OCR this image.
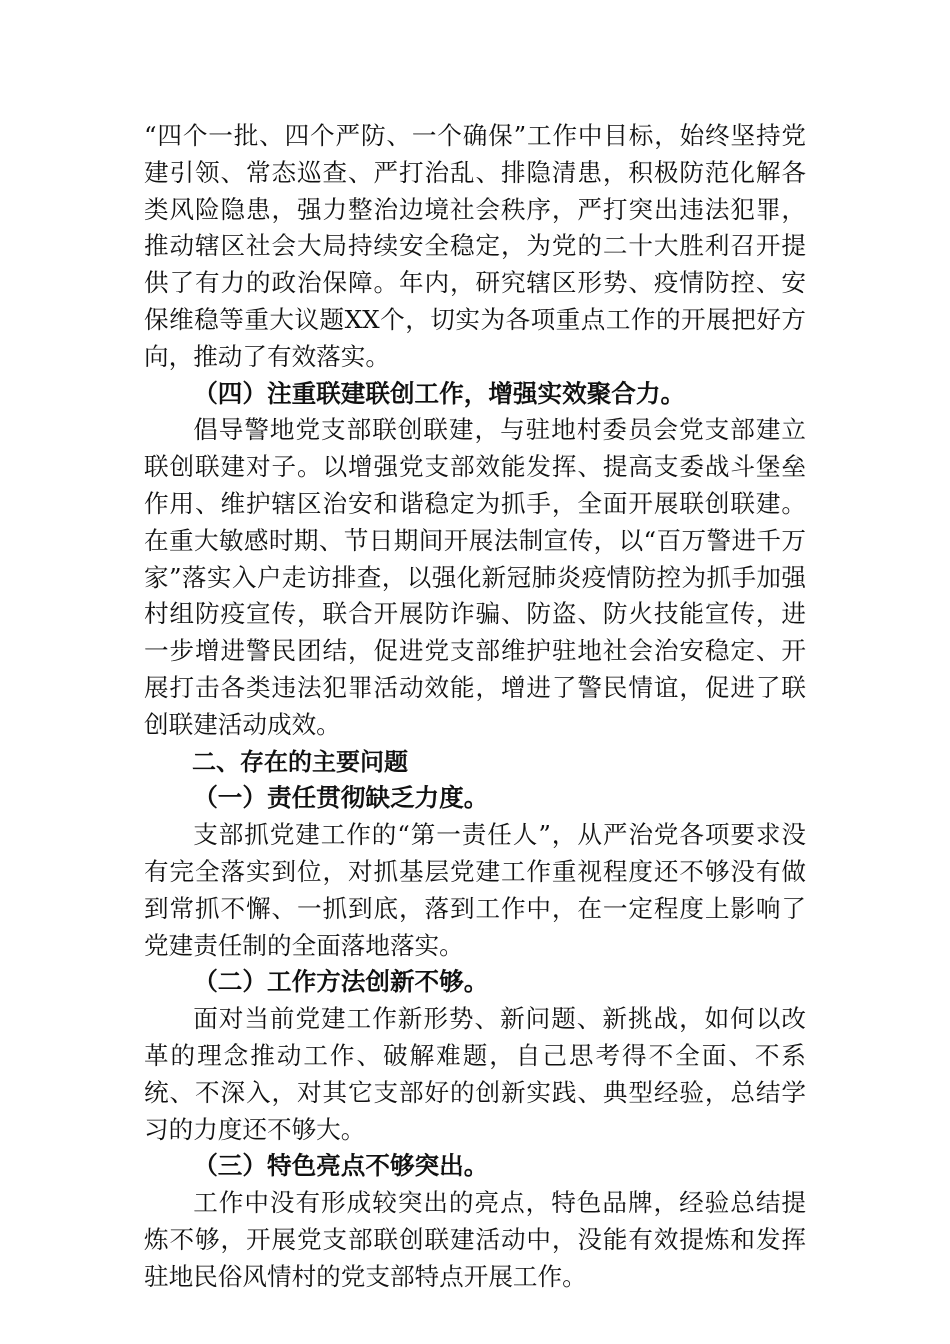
“四个一批、四个严防、一个确保”工作中目标，始终坚持党建引领、常态巡查、严打治乱、排隐清患，积极防范化解各类风险隐患，强力整治边境社会秩序，严打突出违法犯罪，推动辖区社会大局持续安全稳定，为党的二十大胜利召开提供了有力的政治保障。年内，研究辖区形势、疫情防控、安保维稳等重大议题XX个，切实为各项重点工作的开展把好方向，推动了有效落实。

（四）注重联建联创工作，增强实效聚合力。

倡导警地党支部联创联建，与驻地村委员会党支部建立联创联建对子。以增强党支部效能发挥、提高支委战斗堡垒作用、维护辖区治安和谐稳定为抓手，全面开展联创联建。在重大敏感时期、节日期间开展法制宣传，以“百万警进千万家”落实入户走访排查，以强化新冠肺炎疫情防控为抓手加强村组防疫宣传，联合开展防诈骗、防盗、防火技能宣传，进一步增进警民团结，促进党支部维护驻地社会治安稳定、开展打击各类违法犯罪活动效能，增进了警民情谊，促进了联创联建活动成效。

二、存在的主要问题

（一）责任贯彻缺乏力度。

支部抓党建工作的“第一责任人”，从严治党各项要求没有完全落实到位，对抓基层党建工作重视程度还不够没有做到常抓不懈、一抓到底，落到工作中，在一定程度上影响了党建责任制的全面落地落实。

（二）工作方法创新不够。

面对当前党建工作新形势、新问题、新挑战，如何以改革的理念推动工作、破解难题，自己思考得不全面、不系统、不深入，对其它支部好的创新实践、典型经验，总结学习的力度还不够大。

（三）特色亮点不够突出。

工作中没有形成较突出的亮点，特色品牌，经验总结提炼不够，开展党支部联创联建活动中，没能有效提炼和发挥驻地民俗风情村的党支部特点开展工作。
